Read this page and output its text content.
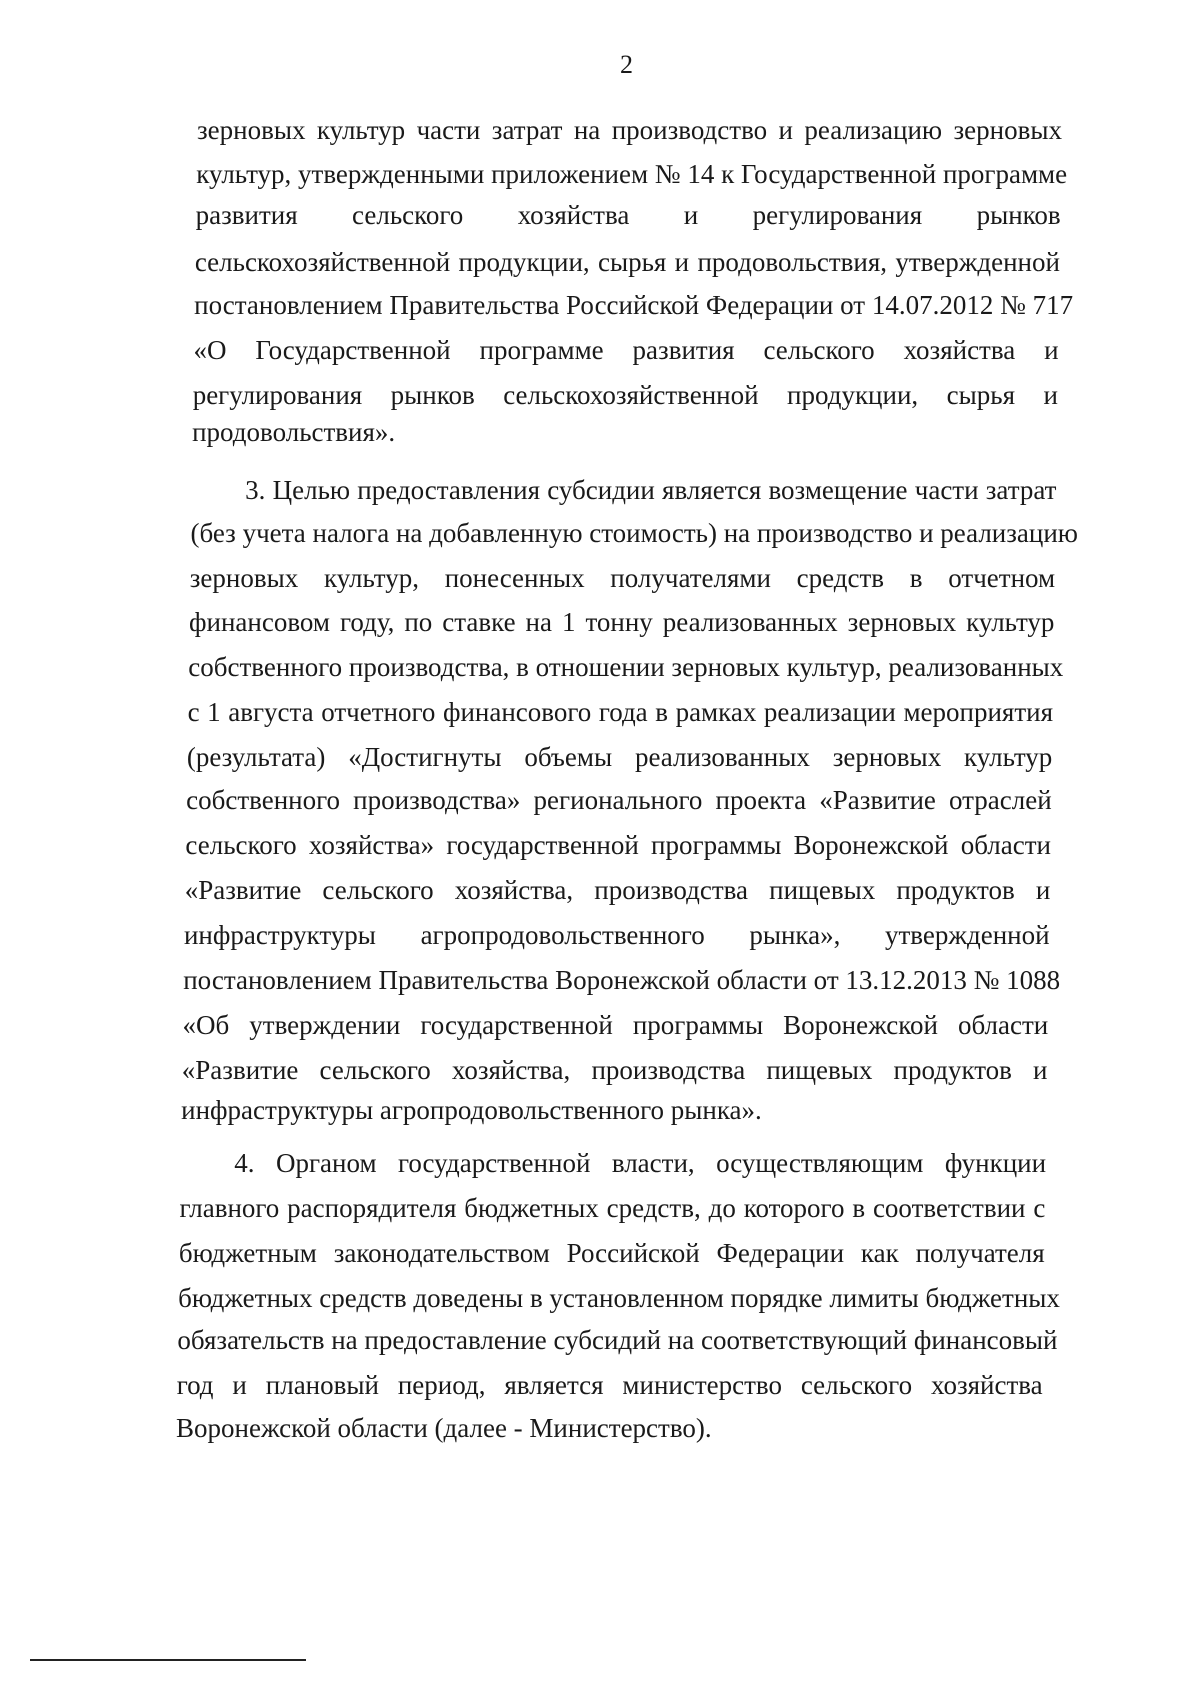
2
зерновых культур части затрат на производство и реализацию зерновых
культур, утвержденными приложением № 14 к Государственной программе
развития сельского хозяйства и регулирования рынков
сельскохозяйственной продукции, сырья и продовольствия, утвержденной
постановлением Правительства Российской Федерации от 14.07.2012 № 717
«О Государственной программе развития сельского хозяйства и
регулирования рынков сельскохозяйственной продукции, сырья и
продовольствия».
3. Целью предоставления субсидии является возмещение части затрат
(без учета налога на добавленную стоимость) на производство и реализацию
зерновых культур, понесенных получателями средств в отчетном
финансовом году, по ставке на 1 тонну реализованных зерновых культур
собственного производства, в отношении зерновых культур, реализованных
с 1 августа отчетного финансового года в рамках реализации мероприятия
(результата) «Достигнуты объемы реализованных зерновых культур
собственного производства» регионального проекта «Развитие отраслей
сельского хозяйства» государственной программы Воронежской области
«Развитие сельского хозяйства, производства пищевых продуктов и
инфраструктуры агропродовольственного рынка», утвержденной
постановлением Правительства Воронежской области от 13.12.2013 № 1088
«Об утверждении государственной программы Воронежской области
«Развитие сельского хозяйства, производства пищевых продуктов и
инфраструктуры агропродовольственного рынка».
4. Органом государственной власти, осуществляющим функции
главного распорядителя бюджетных средств, до которого в соответствии с
бюджетным законодательством Российской Федерации как получателя
бюджетных средств доведены в установленном порядке лимиты бюджетных
обязательств на предоставление субсидий на соответствующий финансовый
год и плановый период, является министерство сельского хозяйства
Воронежской области (далее - Министерство).
